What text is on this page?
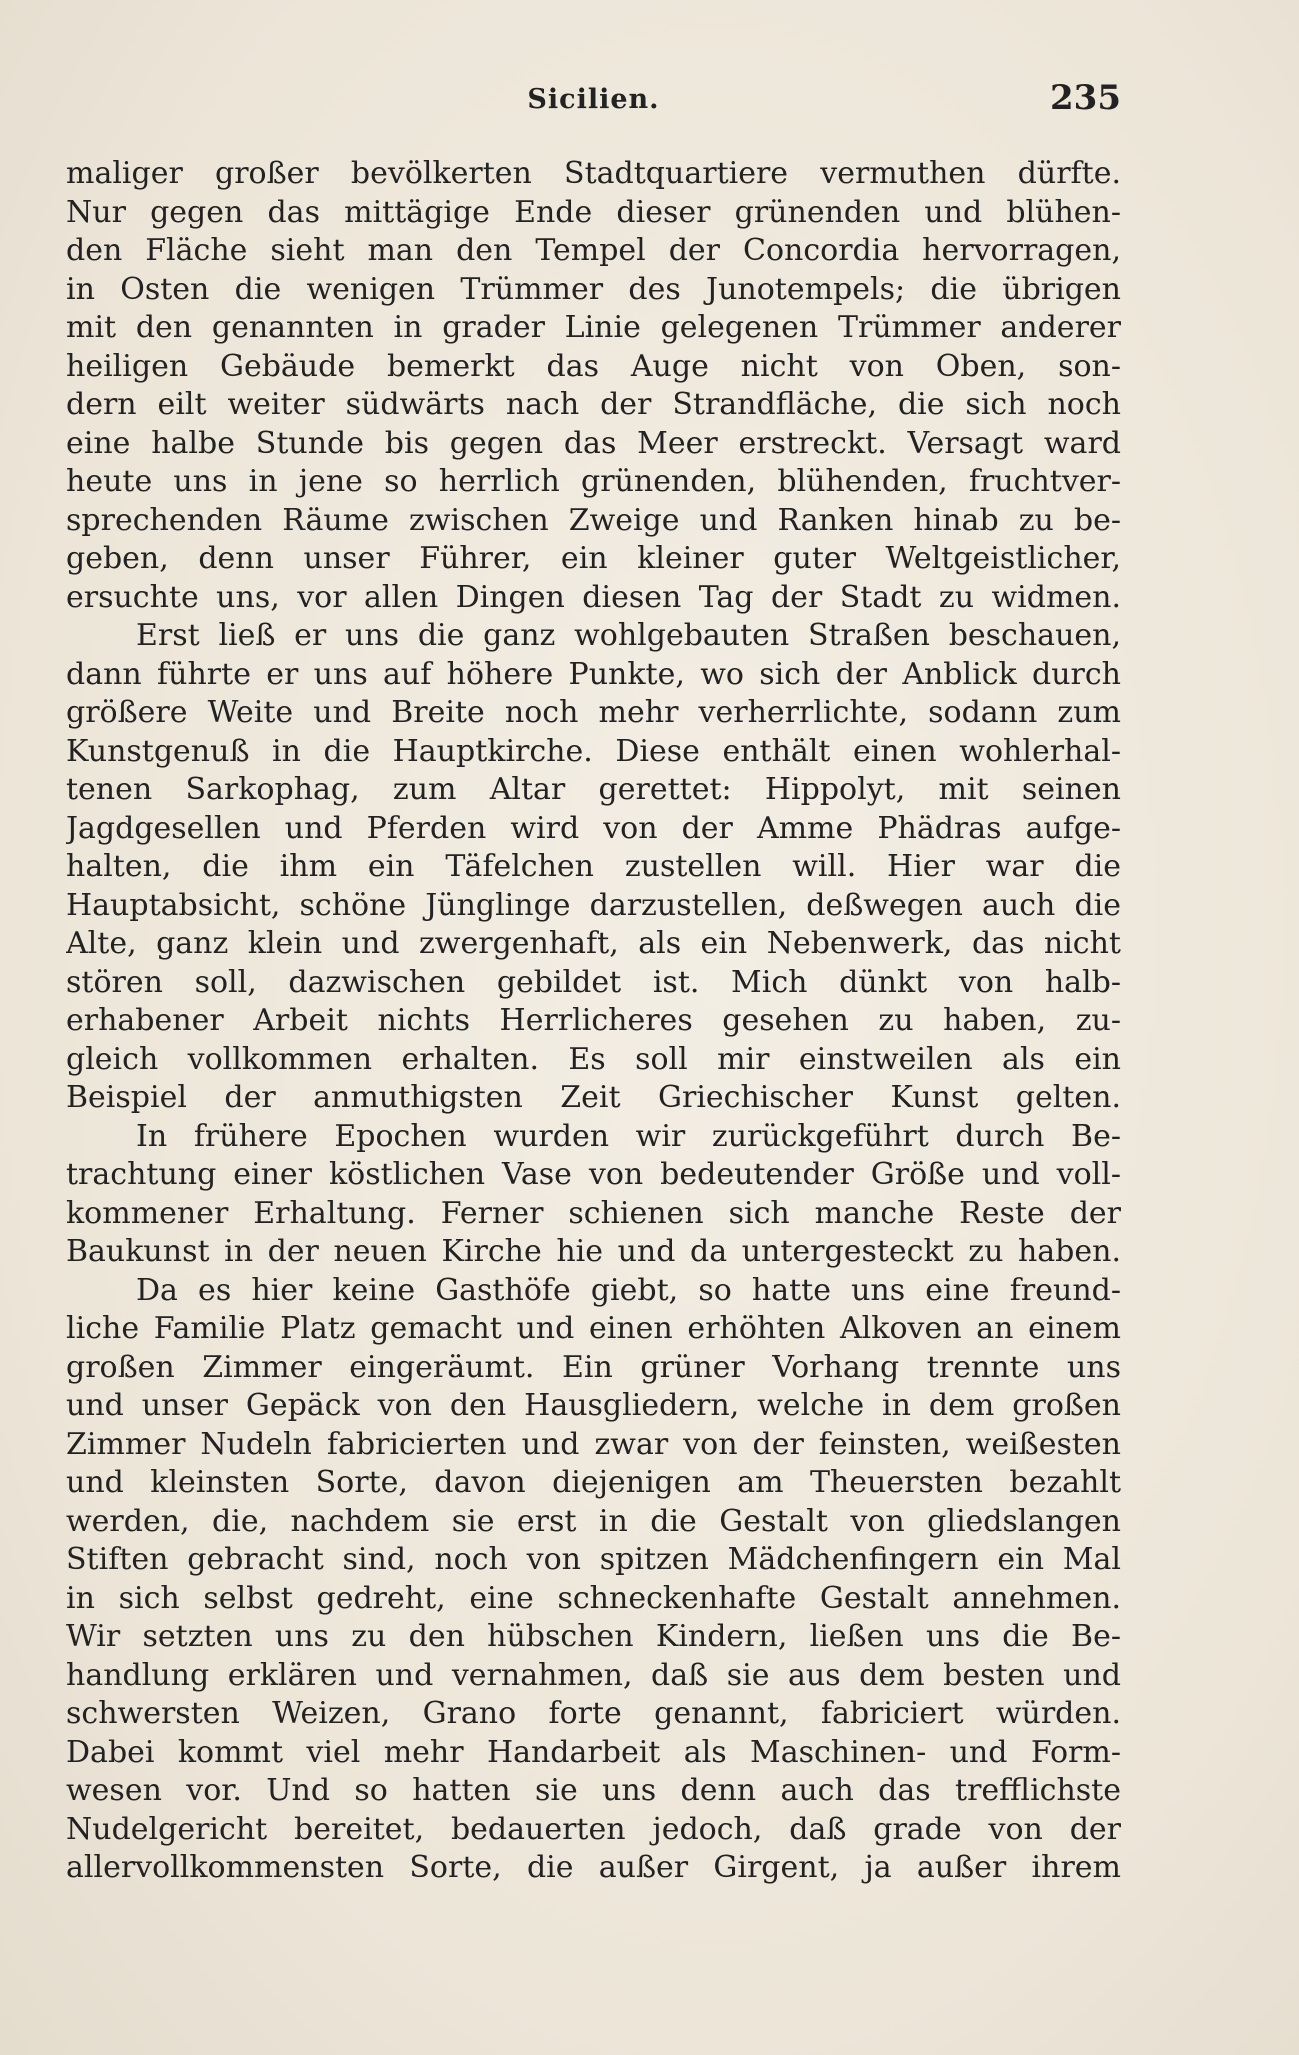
Sicilien.	235
maliger großer bevölkerten Stadtquartiere vermuthen dürfte.
Nur gegen das mittägige Ende dieser grünenden und blühen-
den Fläche sieht man den Tempel der Concordia hervorragen,
in Osten die wenigen Trümmer des Junotempels; die übrigen
mit den genannten in grader Linie gelegenen Trümmer anderer
heiligen Gebäude bemerkt das Auge nicht von Oben, son-
dern eilt weiter südwärts nach der Strandfläche, die sich noch
eine halbe Stunde bis gegen das Meer erstreckt. Versagt ward
heute uns in jene so herrlich grünenden, blühenden, fruchtver-
sprechenden Räume zwischen Zweige und Ranken hinab zu be-
geben, denn unser Führer, ein kleiner guter Weltgeistlicher,
ersuchte uns, vor allen Dingen diesen Tag der Stadt zu widmen.
Erst ließ er uns die ganz wohlgebauten Straßen beschauen,
dann führte er uns auf höhere Punkte, wo sich der Anblick durch
größere Weite und Breite noch mehr verherrlichte, sodann zum
Kunstgenuß in die Hauptkirche. Diese enthält einen wohlerhal-
tenen Sarkophag, zum Altar gerettet: Hippolyt, mit seinen
Jagdgesellen und Pferden wird von der Amme Phädras aufge-
halten, die ihm ein Täfelchen zustellen will. Hier war die
Hauptabsicht, schöne Jünglinge darzustellen, deßwegen auch die
Alte, ganz klein und zwergenhaft, als ein Nebenwerk, das nicht
stören soll, dazwischen gebildet ist. Mich dünkt von halb-
erhabener Arbeit nichts Herrlicheres gesehen zu haben, zu-
gleich vollkommen erhalten. Es soll mir einstweilen als ein
Beispiel der anmuthigsten Zeit Griechischer Kunst gelten.
In frühere Epochen wurden wir zurückgeführt durch Be-
trachtung einer köstlichen Vase von bedeutender Größe und voll-
kommener Erhaltung. Ferner schienen sich manche Reste der
Baukunst in der neuen Kirche hie und da untergesteckt zu haben.
Da es hier keine Gasthöfe giebt, so hatte uns eine freund-
liche Familie Platz gemacht und einen erhöhten Alkoven an einem
großen Zimmer eingeräumt. Ein grüner Vorhang trennte uns
und unser Gepäck von den Hausgliedern, welche in dem großen
Zimmer Nudeln fabricierten und zwar von der feinsten, weißesten
und kleinsten Sorte, davon diejenigen am Theuersten bezahlt
werden, die, nachdem sie erst in die Gestalt von gliedslangen
Stiften gebracht sind, noch von spitzen Mädchenfingern ein Mal
in sich selbst gedreht, eine schneckenhafte Gestalt annehmen.
Wir setzten uns zu den hübschen Kindern, ließen uns die Be-
handlung erklären und vernahmen, daß sie aus dem besten und
schwersten Weizen, Grano forte genannt, fabriciert würden.
Dabei kommt viel mehr Handarbeit als Maschinen- und Form-
wesen vor. Und so hatten sie uns denn auch das trefflichste
Nudelgericht bereitet, bedauerten jedoch, daß grade von der
allervollkommensten Sorte, die außer Girgent, ja außer ihrem
